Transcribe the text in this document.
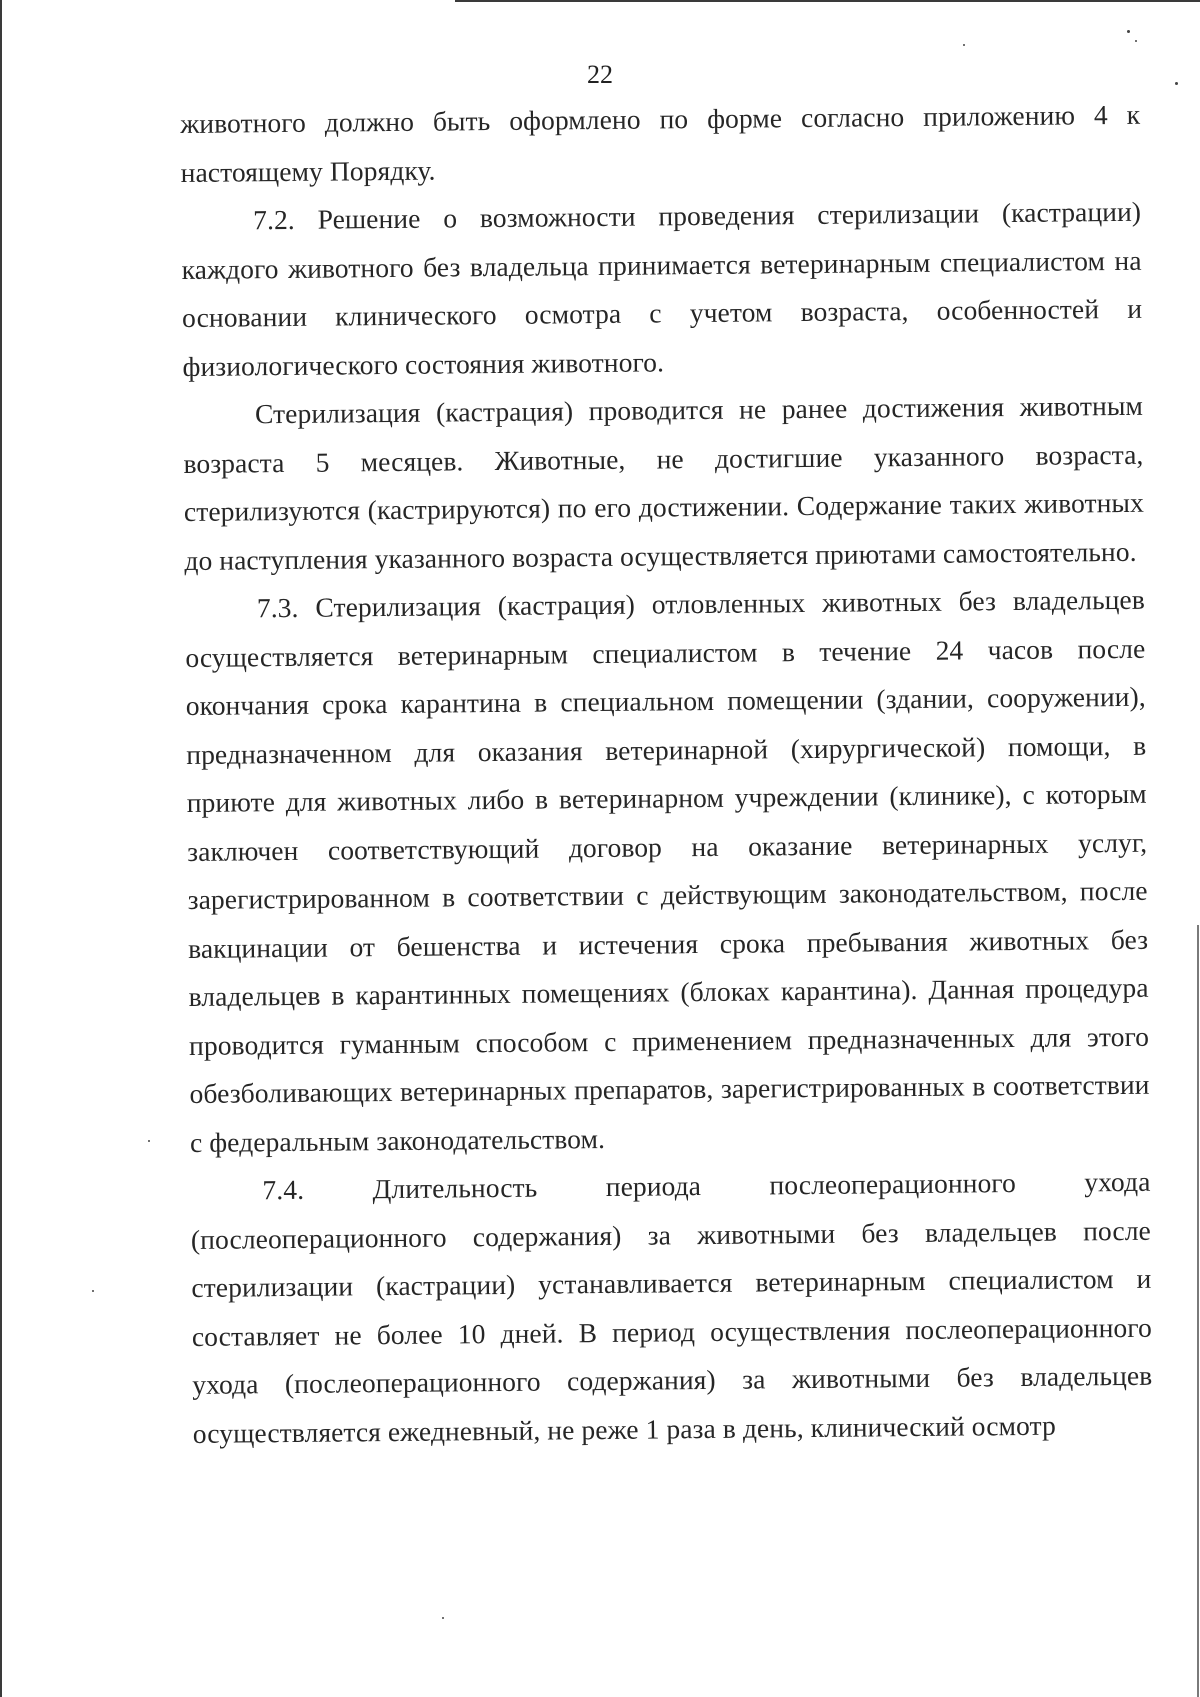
22

животного должно быть оформлено по форме согласно приложению 4 к настоящему Порядку.

7.2. Решение о возможности проведения стерилизации (кастрации) каждого животного без владельца принимается ветеринарным специалистом на основании клинического осмотра с учетом возраста, особенностей и физиологического состояния животного.

Стерилизация (кастрация) проводится не ранее достижения животным возраста 5 месяцев. Животные, не достигшие указанного возраста, стерилизуются (кастрируются) по его достижении. Содержание таких животных до наступления указанного возраста осуществляется приютами самостоятельно.

7.3. Стерилизация (кастрация) отловленных животных без владельцев осуществляется ветеринарным специалистом в течение 24 часов после окончания срока карантина в специальном помещении (здании, сооружении), предназначенном для оказания ветеринарной (хирургической) помощи, в приюте для животных либо в ветеринарном учреждении (клинике), с которым заключен соответствующий договор на оказание ветеринарных услуг, зарегистрированном в соответствии с действующим законодательством, после вакцинации от бешенства и истечения срока пребывания животных без владельцев в карантинных помещениях (блоках карантина). Данная процедура проводится гуманным способом с применением предназначенных для этого обезболивающих ветеринарных препаратов, зарегистрированных в соответствии с федеральным законодательством.

7.4. Длительность периода послеоперационного ухода (послеоперационного содержания) за животными без владельцев после стерилизации (кастрации) устанавливается ветеринарным специалистом и составляет не более 10 дней. В период осуществления послеоперационного ухода (послеоперационного содержания) за животными без владельцев осуществляется ежедневный, не реже 1 раза в день, клинический осмотр
